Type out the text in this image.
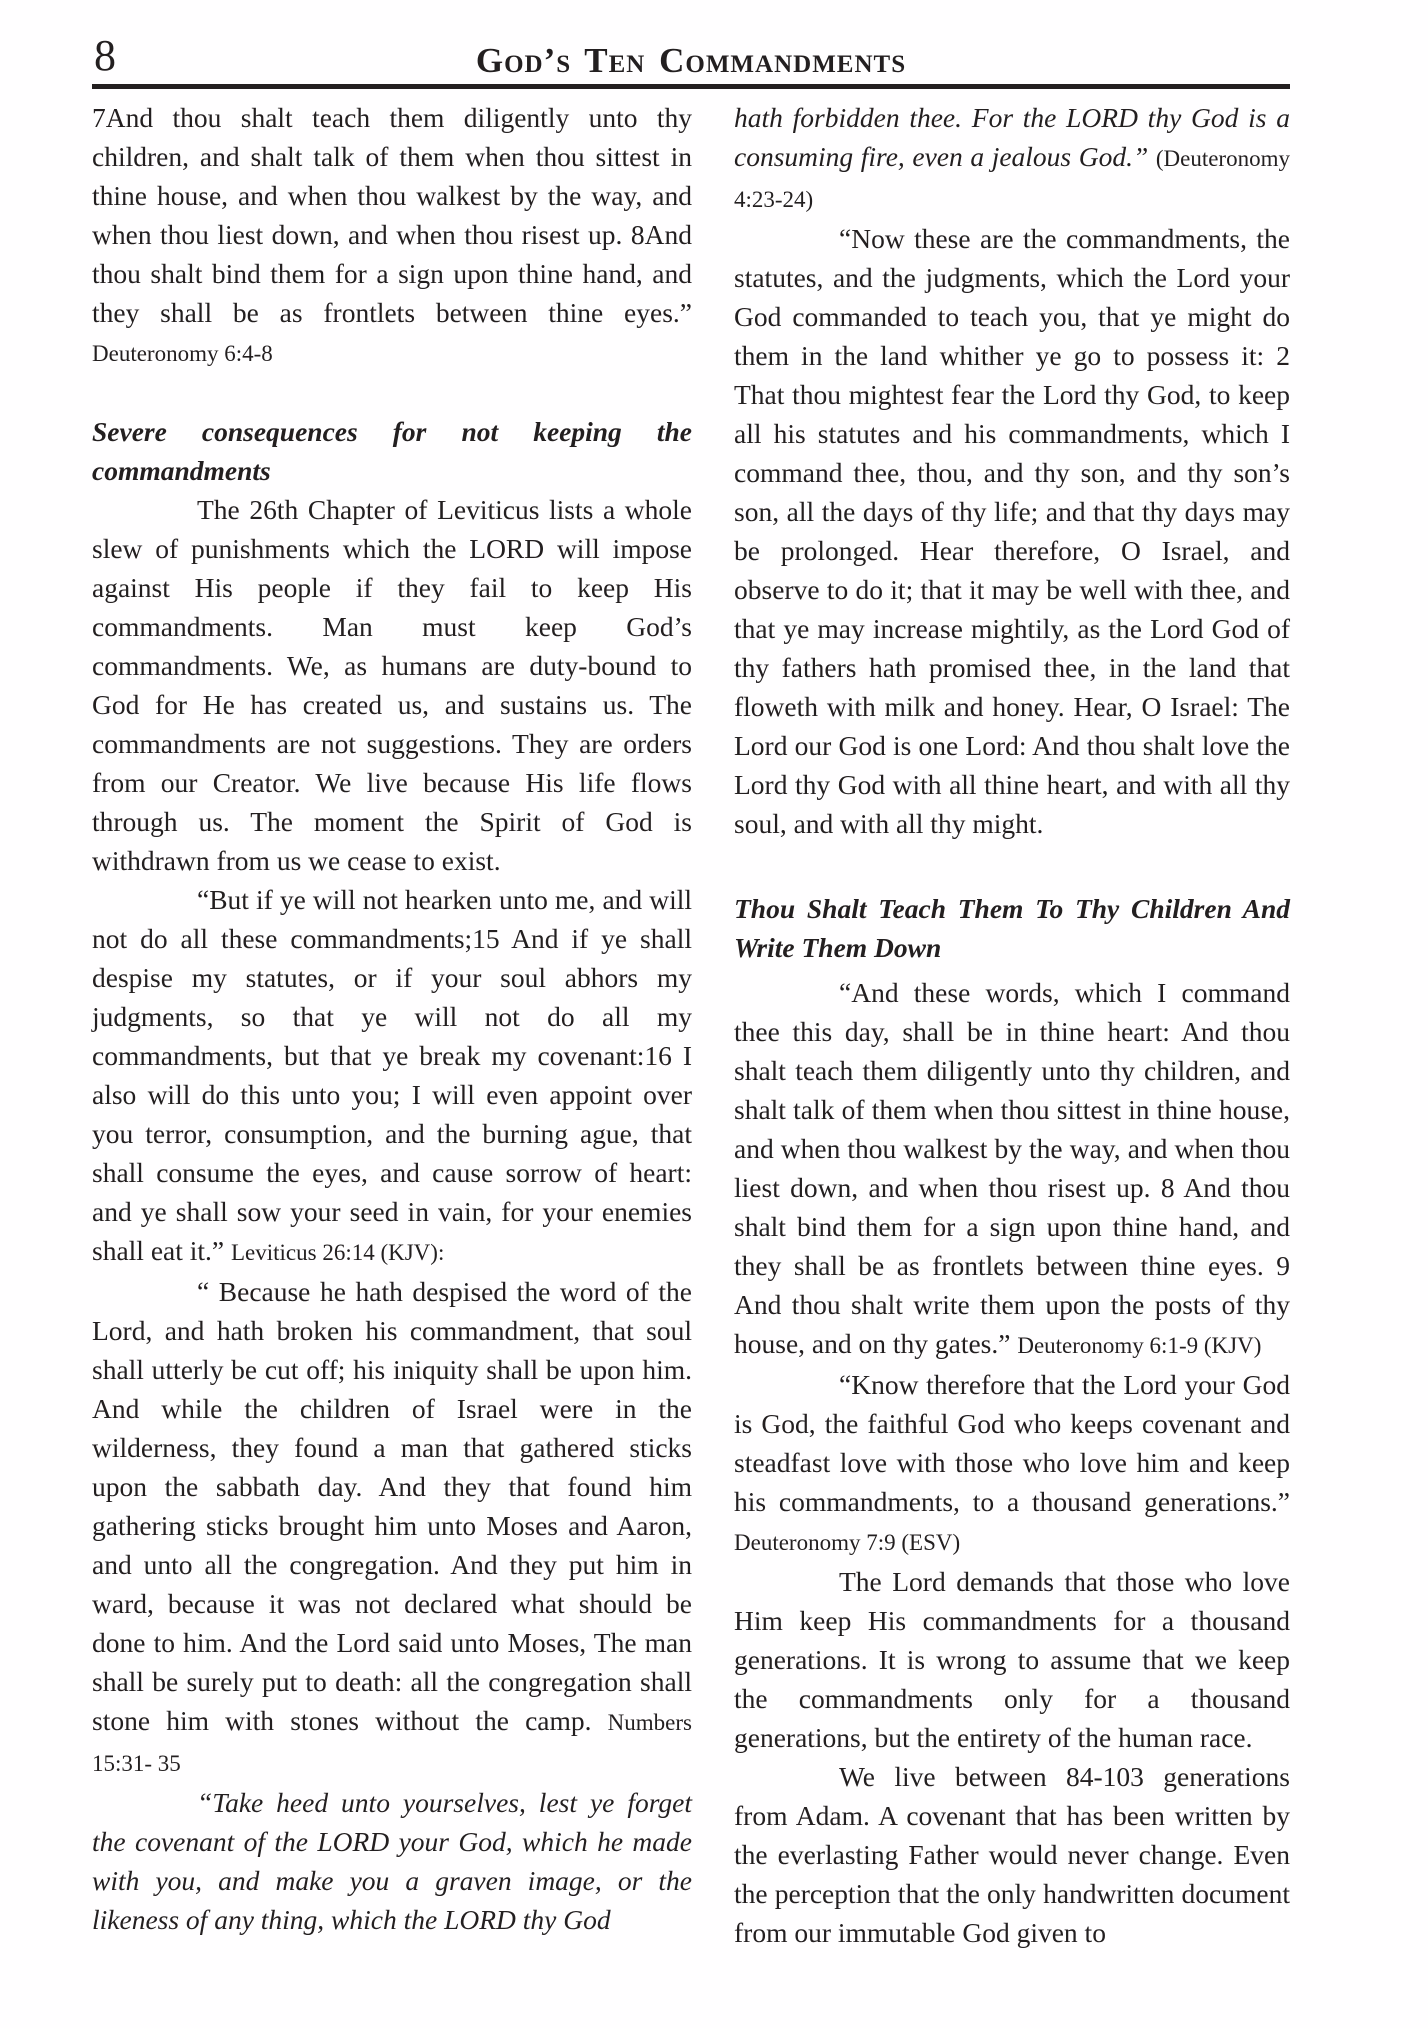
8	God’s Ten Commandments

7And thou shalt teach them diligently unto thy children, and shalt talk of them when thou sittest in thine house, and when thou walkest by the way, and when thou liest down, and when thou risest up. 8And thou shalt bind them for a sign upon thine hand, and they shall be as frontlets between thine eyes.” Deuteronomy 6:4-8

Severe consequences for not keeping the commandments

The 26th Chapter of Leviticus lists a whole slew of punishments which the LORD will impose against His people if they fail to keep His commandments. Man must keep God’s commandments. We, as humans are duty-bound to God for He has created us, and sustains us. The commandments are not suggestions. They are orders from our Creator. We live because His life flows through us. The moment the Spirit of God is withdrawn from us we cease to exist.

“But if ye will not hearken unto me, and will not do all these commandments;15 And if ye shall despise my statutes, or if your soul abhors my judgments, so that ye will not do all my commandments, but that ye break my covenant:16 I also will do this unto you; I will even appoint over you terror, consumption, and the burning ague, that shall consume the eyes, and cause sorrow of heart: and ye shall sow your seed in vain, for your enemies shall eat it.” Leviticus 26:14 (KJV):

“ Because he hath despised the word of the Lord, and hath broken his commandment, that soul shall utterly be cut off; his iniquity shall be upon him. And while the children of Israel were in the wilderness, they found a man that gathered sticks upon the sabbath day. And they that found him gathering sticks brought him unto Moses and Aaron, and unto all the congregation. And they put him in ward, because it was not declared what should be done to him. And the Lord said unto Moses, The man shall be surely put to death: all the congregation shall stone him with stones without the camp. Numbers 15:31- 35

“Take heed unto yourselves, lest ye forget the covenant of the LORD your God, which he made with you, and make you a graven image, or the likeness of any thing, which the LORD thy God

hath forbidden thee. For the LORD thy God is a consuming fire, even a jealous God.” (Deuteronomy 4:23-24)

“Now these are the commandments, the statutes, and the judgments, which the Lord your God commanded to teach you, that ye might do them in the land whither ye go to possess it: 2 That thou mightest fear the Lord thy God, to keep all his statutes and his commandments, which I command thee, thou, and thy son, and thy son’s son, all the days of thy life; and that thy days may be prolonged. Hear therefore, O Israel, and observe to do it; that it may be well with thee, and that ye may increase mightily, as the Lord God of thy fathers hath promised thee, in the land that floweth with milk and honey. Hear, O Israel: The Lord our God is one Lord: And thou shalt love the Lord thy God with all thine heart, and with all thy soul, and with all thy might.

Thou Shalt Teach Them To Thy Children And Write Them Down

“And these words, which I command thee this day, shall be in thine heart: And thou shalt teach them diligently unto thy children, and shalt talk of them when thou sittest in thine house, and when thou walkest by the way, and when thou liest down, and when thou risest up. 8 And thou shalt bind them for a sign upon thine hand, and they shall be as frontlets between thine eyes. 9 And thou shalt write them upon the posts of thy house, and on thy gates.” Deuteronomy 6:1-9 (KJV)

“Know therefore that the Lord your God is God, the faithful God who keeps covenant and steadfast love with those who love him and keep his commandments, to a thousand generations.” Deuteronomy 7:9 (ESV)

The Lord demands that those who love Him keep His commandments for a thousand generations. It is wrong to assume that we keep the commandments only for a thousand generations, but the entirety of the human race.

We live between 84-103 generations from Adam. A covenant that has been written by the everlasting Father would never change. Even the perception that the only handwritten document from our immutable God given to
